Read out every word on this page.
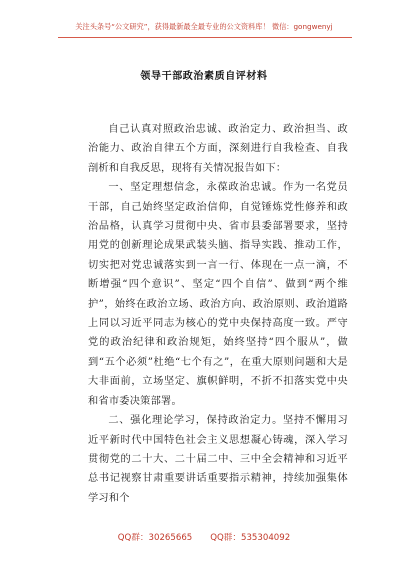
关注头条号“公文研究”，获得最新最全最专业的公文资料库！ 微信：gongwenyj
领导干部政治素质自评材料

自己认真对照政治忠诚、政治定力、政治担当、政治能力、政治自律五个方面，深刻进行自我检查、自我剖析和自我反思，现将有关情况报告如下：

一、坚定理想信念，永葆政治忠诚。作为一名党员干部，自己始终坚定政治信仰，自觉锤炼党性修养和政治品格，认真学习贯彻中央、省市县委部署要求，坚持用党的创新理论成果武装头脑、指导实践、推动工作，切实把对党忠诚落实到一言一行、体现在一点一滴，不断增强“四个意识”、坚定“四个自信”、做到“两个维护”，始终在政治立场、政治方向、政治原则、政治道路上同以习近平同志为核心的党中央保持高度一致。严守党的政治纪律和政治规矩，始终坚持“四个服从”，做到“五个必须”杜绝“七个有之”，在重大原则问题和大是大非面前，立场坚定、旗帜鲜明，不折不扣落实党中央和省市委决策部署。

二、强化理论学习，保持政治定力。坚持不懈用习近平新时代中国特色社会主义思想凝心铸魂，深入学习贯彻党的二十大、二十届二中、三中全会精神和习近平总书记视察甘肃重要讲话重要指示精神，持续加强集体学习和个

QQ群：30265665 QQ群：535304092
